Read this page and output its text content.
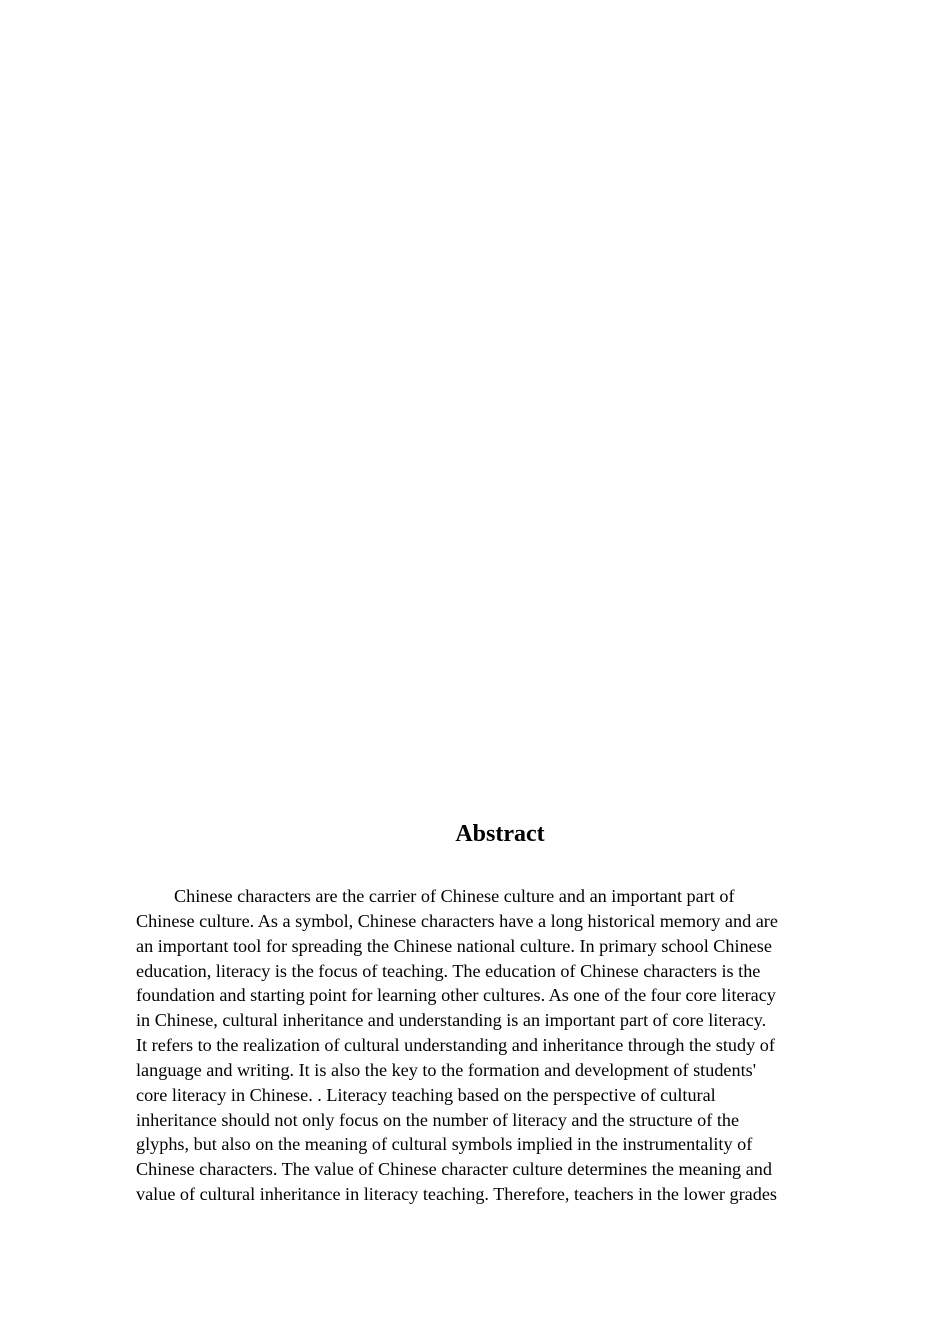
Abstract

Chinese characters are the carrier of Chinese culture and an important part of
Chinese culture. As a symbol, Chinese characters have a long historical memory and are
an important tool for spreading the Chinese national culture. In primary school Chinese
education, literacy is the focus of teaching. The education of Chinese characters is the
foundation and starting point for learning other cultures. As one of the four core literacy
in Chinese, cultural inheritance and understanding is an important part of core literacy.
It refers to the realization of cultural understanding and inheritance through the study of
language and writing. It is also the key to the formation and development of students'
core literacy in Chinese. . Literacy teaching based on the perspective of cultural
inheritance should not only focus on the number of literacy and the structure of the
glyphs, but also on the meaning of cultural symbols implied in the instrumentality of
Chinese characters. The value of Chinese character culture determines the meaning and
value of cultural inheritance in literacy teaching. Therefore, teachers in the lower grades
